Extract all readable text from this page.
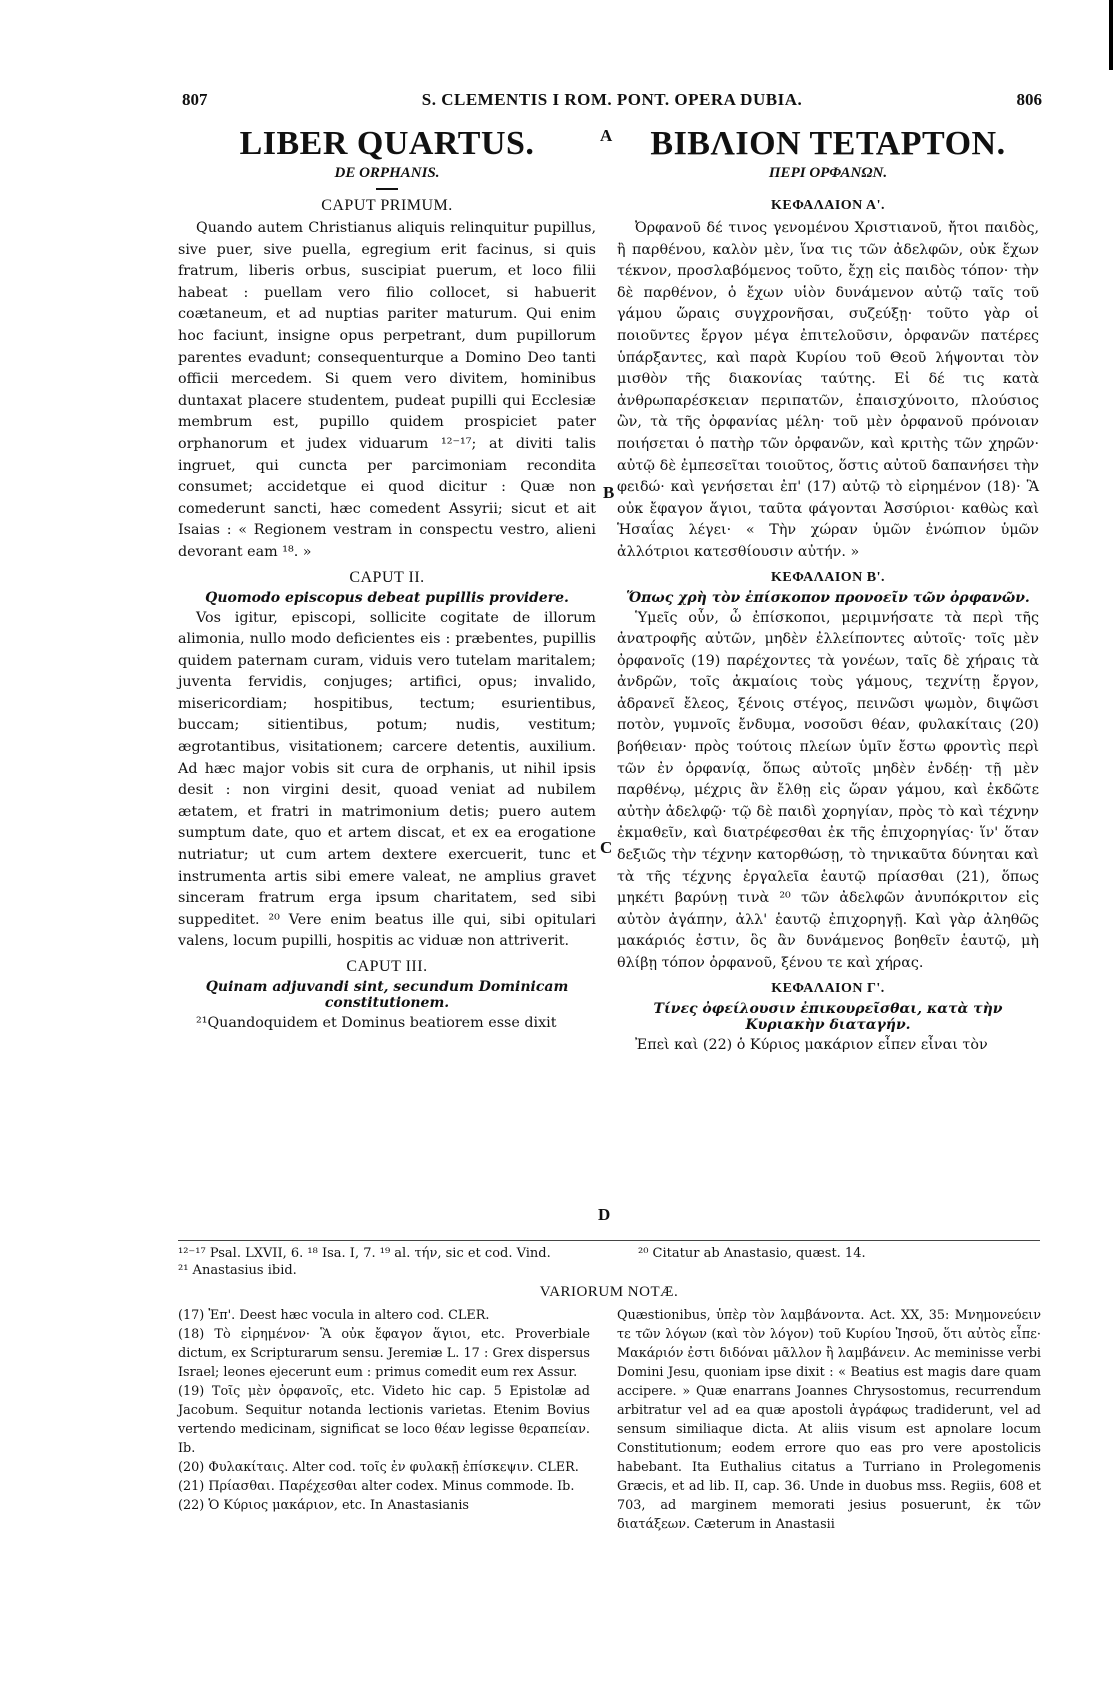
807	S. CLEMENTIS I ROM. PONT. OPERA DUBIA.	806
LIBER QUARTUS.
DE ORPHANIS.
CAPUT PRIMUM.

Quando autem Christianus aliquis relinquitur pupillus, sive puer, sive puella, egregium erit facinus, si quis fratrum, liberis orbus, suscipiat puerum, et loco filii habeat : puellam vero filio collocet, si habuerit coætaneum, et ad nuptias pariter maturum. Qui enim hoc faciunt, insigne opus perpetrant, dum pupillorum parentes evadunt; consequenturque a Domino Deo tanti officii mercedem. Si quem vero divitem, hominibus duntaxat placere studentem, pudeat pupilli qui Ecclesiæ membrum est, pupillo quidem prospiciet pater orphanorum et judex viduarum ¹²⁻¹⁷; at diviti talis ingruet, qui cuncta per parcimoniam recondita consumet; accidetque ei quod dicitur : Quæ non comederunt sancti, hæc comedent Assyrii; sicut et ait Isaias : « Regionem vestram in conspectu vestro, alieni devorant eam ¹⁸. »

CAPUT II.
Quomodo episcopus debeat pupillis providere.

Vos igitur, episcopi, sollicite cogitate de illorum alimonia, nullo modo deficientes eis : præbentes, pupillis quidem paternam curam, viduis vero tutelam maritalem; juventa fervidis, conjuges; artifici, opus; invalido, misericordiam; hospitibus, tectum; esurientibus, buccam; sitientibus, potum; nudis, vestitum; ægrotantibus, visitationem; carcere detentis, auxilium. Ad hæc major vobis sit cura de orphanis, ut nihil ipsis desit : non virgini desit, quoad veniat ad nubilem ætatem, et fratri in matrimonium detis; puero autem sumptum date, quo et artem discat, et ex ea erogatione nutriatur; ut cum artem dextere exercuerit, tunc et instrumenta artis sibi emere valeat, ne amplius gravet sinceram fratrum erga ipsum charitatem, sed sibi suppeditet. ²⁰ Vere enim beatus ille qui, sibi opitulari valens, locum pupilli, hospitis ac viduæ non attriverit.

CAPUT III.
Quinam adjuvandi sint, secundum Dominicam constitutionem.

²¹Quandoquidem et Dominus beatiorem esse dixit

ΒΙΒΛΙΟΝ ΤΕΤΑΡΤΟΝ.
ΠΕΡΙ ΟΡΦΑΝΩΝ.
ΚΕΦΑΛΑΙΟΝ Α'.

Ὀρφανοῦ δέ τινος γενομένου Χριστιανοῦ, ἤτοι παιδὸς, ἢ παρθένου, καλὸν μὲν, ἵνα τις τῶν ἀδελφῶν, οὐκ ἔχων τέκνον, προσλαβόμενος τοῦτο, ἔχῃ εἰς παιδὸς τόπον· τὴν δὲ παρθένον, ὁ ἔχων υἱὸν δυνάμενον αὐτῷ ταῖς τοῦ γάμου ὥραις συγχρονῆσαι, συζεύξῃ· τοῦτο γὰρ οἱ ποιοῦντες ἔργον μέγα ἐπιτελοῦσιν, ὀρφανῶν πατέρες ὑπάρξαντες, καὶ παρὰ Κυρίου τοῦ Θεοῦ λήψονται τὸν μισθὸν τῆς διακονίας ταύτης. Εἰ δέ τις κατὰ ἀνθρωπαρέσκειαν περιπατῶν, ἐπαισχύνοιτο, πλούσιος ὢν, τὰ τῆς ὀρφανίας μέλη· τοῦ μὲν ὀρφανοῦ πρόνοιαν ποιήσεται ὁ πατὴρ τῶν ὀρφανῶν, καὶ κριτὴς τῶν χηρῶν· αὐτῷ δὲ ἐμπεσεῖται τοιοῦτος, ὅστις αὐτοῦ δαπανήσει τὴν φειδώ· καὶ γενήσεται ἐπ' (17) αὐτῷ τὸ εἰρημένον (18)· Ἃ οὐκ ἔφαγον ἅγιοι, ταῦτα φάγονται Ἀσσύριοι· καθὼς καὶ Ἡσαΐας λέγει· « Τὴν χώραν ὑμῶν ἐνώπιον ὑμῶν ἀλλότριοι κατεσθίουσιν αὐτήν. »

ΚΕΦΑΛΑΙΟΝ Β'.
Ὅπως χρὴ τὸν ἐπίσκοπον προνοεῖν τῶν ὀρφανῶν.

Ὑμεῖς οὖν, ὦ ἐπίσκοποι, μεριμνήσατε τὰ περὶ τῆς ἀνατροφῆς αὐτῶν, μηδὲν ἐλλείποντες αὐτοῖς· τοῖς μὲν ὀρφανοῖς (19) παρέχοντες τὰ γονέων, ταῖς δὲ χήραις τὰ ἀνδρῶν, τοῖς ἀκμαίοις τοὺς γάμους, τεχνίτῃ ἔργον, ἀδρανεῖ ἔλεος, ξένοις στέγος, πεινῶσι ψωμὸν, διψῶσι ποτὸν, γυμνοῖς ἔνδυμα, νοσοῦσι θέαν, φυλακίταις (20) βοήθειαν· πρὸς τούτοις πλείων ὑμῖν ἔστω φροντὶς περὶ τῶν ἐν ὀρφανίᾳ, ὅπως αὐτοῖς μηδὲν ἐνδέῃ· τῇ μὲν παρθένῳ, μέχρις ἂν ἔλθῃ εἰς ὥραν γάμου, καὶ ἐκδῶτε αὐτὴν ἀδελφῷ· τῷ δὲ παιδὶ χορηγίαν, πρὸς τὸ καὶ τέχνην ἐκμαθεῖν, καὶ διατρέφεσθαι ἐκ τῆς ἐπιχορηγίας· ἵν' ὅταν δεξιῶς τὴν τέχνην κατορθώσῃ, τὸ τηνικαῦτα δύνηται καὶ τὰ τῆς τέχνης ἐργαλεῖα ἑαυτῷ πρίασθαι (21), ὅπως μηκέτι βαρύνῃ τινὰ ²⁰ τῶν ἀδελφῶν ἀνυπόκριτον εἰς αὐτὸν ἀγάπην, ἀλλ' ἑαυτῷ ἐπιχορηγῇ. Καὶ γὰρ ἀληθῶς μακάριός ἐστιν, ὃς ἂν δυνάμενος βοηθεῖν ἑαυτῷ, μὴ θλίβῃ τόπον ὀρφανοῦ, ξένου τε καὶ χήρας.

ΚΕΦΑΛΑΙΟΝ Γ'.
Τίνες ὀφείλουσιν ἐπικουρεῖσθαι, κατὰ τὴν Κυριακὴν διαταγήν.

Ἐπεὶ καὶ (22) ὁ Κύριος μακάριον εἶπεν εἶναι τὸν

A
B
C
D
¹²⁻¹⁷ Psal. LXVII, 6. ¹⁸ Isa. I, 7. ¹⁹ al. τήν, sic et cod. Vind.	²⁰ Citatur ab Anastasio, quæst. 14.
²¹ Anastasius ibid.
VARIORUM NOTÆ.

(17) Ἐπ'. Deest hæc vocula in altero cod. CLER.

(18) Τὸ εἰρημένον· Ἃ οὐκ ἔφαγον ἅγιοι, etc. Proverbiale dictum, ex Scripturarum sensu. Jeremiæ L. 17 : Grex dispersus Israel; leones ejecerunt eum : primus comedit eum rex Assur.

(19) Τοῖς μὲν ὀρφανοῖς, etc. Videto hic cap. 5 Epistolæ ad Jacobum. Sequitur notanda lectionis varietas. Etenim Bovius vertendo medicinam, significat se loco θέαν legisse θεραπείαν. Ib.

(20) Φυλακίταις. Alter cod. τοῖς ἐν φυλακῇ ἐπίσκεψιν. CLER.

(21) Πρίασθαι. Παρέχεσθαι alter codex. Minus commode. Ib.

(22) Ὁ Κύριος μακάριον, etc. In Anastasianis

Quæstionibus, ὑπὲρ τὸν λαμβάνοντα. Act. XX, 35: Μνημονεύειν τε τῶν λόγων (καὶ τὸν λόγον) τοῦ Κυρίου Ἰησοῦ, ὅτι αὐτὸς εἶπε· Μακάριόν ἐστι διδόναι μᾶλλον ἢ λαμβάνειν. Ac meminisse verbi Domini Jesu, quoniam ipse dixit : « Beatius est magis dare quam accipere. » Quæ enarrans Joannes Chrysostomus, recurrendum arbitratur vel ad ea quæ apostoli ἀγράφως tradiderunt, vel ad sensum similiaque dicta. At aliis visum est apnolare locum Constitutionum; eodem errore quo eas pro vere apostolicis habebant. Ita Euthalius citatus a Turriano in Prolegomenis Græcis, et ad lib. II, cap. 36. Unde in duobus mss. Regiis, 608 et 703, ad marginem memorati jesius posuerunt, ἐκ τῶν διατάξεων. Cæterum in Anastasii
